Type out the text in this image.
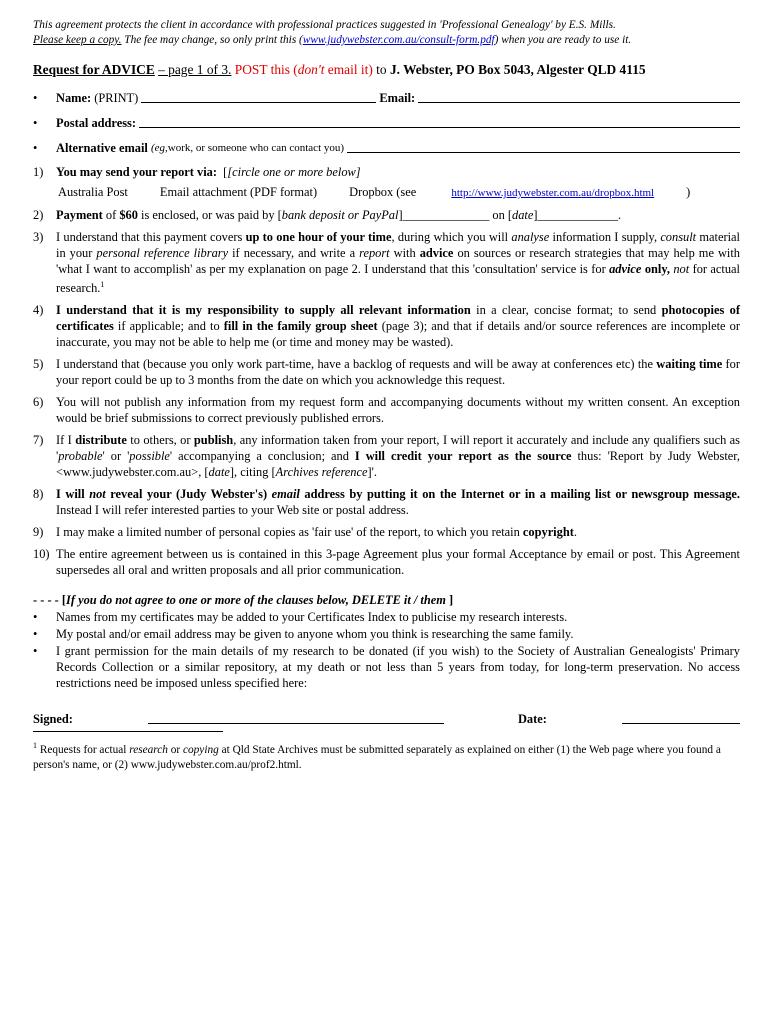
This agreement protects the client in accordance with professional practices suggested in 'Professional Genealogy' by E.S. Mills.
Please keep a copy. The fee may change, so only print this (www.judywebster.com.au/consult-form.pdf) when you are ready to use it.
Request for ADVICE – page 1 of 3. POST this (don't email it) to J. Webster, PO Box 5043, Algester QLD 4115
•	Name:
(PRINT)
	Email:
•	Postal address:
•	Alternative email
(eg, work, or someone who can contact you)
1)	You may send your report via: [[circle one or more below]
Australia Post	Email attachment (PDF format)	Dropbox (see	http://www.judywebster.com.au/dropbox.html	)
2)	Payment of $60 is enclosed, or was paid by [bank deposit or PayPal]______________ on [date]_____________.
3)	I understand that this payment covers up to one hour of your time, during which you will analyse information I supply, consult material in your personal reference library if necessary, and write a report with advice on sources or research strategies that may help me with 'what I want to accomplish' as per my explanation on page 2. I understand that this 'consultation' service is for advice only, not for actual research.$^1$
4)	I understand that it is my responsibility to supply all relevant information in a clear, concise format; to send photocopies of certificates if applicable; and to fill in the family group sheet (page 3); and that if details and/or source references are incomplete or inaccurate, you may not be able to help me (or time and money may be wasted).
5)	I understand that (because you only work part-time, have a backlog of requests and will be away at conferences etc) the waiting time for your report could be up to 3 months from the date on which you acknowledge this request.
6)	You will not publish any information from my request form and accompanying documents without my written consent. An exception would be brief submissions to correct previously published errors.
7)	If I distribute to others, or publish, any information taken from your report, I will report it accurately and include any qualifiers such as 'probable' or 'possible' accompanying a conclusion; and I will credit your report as the source thus: 'Report by Judy Webster, <www.judywebster.com.au>, [date], citing [Archives reference]'.
8)	I will not reveal your (Judy Webster's) email address by putting it on the Internet or in a mailing list or newsgroup message. Instead I will refer interested parties to your Web site or postal address.
9)	I may make a limited number of personal copies as 'fair use' of the report, to which you retain copyright.
10) The entire agreement between us is contained in this 3-page Agreement plus your formal Acceptance by email or post. This Agreement supersedes all oral and written proposals and all prior communication.
- - - - [If you do not agree to one or more of the clauses below, DELETE it / them ]
•	Names from my certificates may be added to your Certificates Index to publicise my research interests.
•	My postal and/or email address may be given to anyone whom you think is researching the same family.
•	I grant permission for the main details of my research to be donated (if you wish) to the Society of Australian Genealogists' Primary Records Collection or a similar repository, at my death or not less than 5 years from today, for long-term preservation. No access restrictions need be imposed unless specified here:
Signed:	Date:
$^1$ Requests for actual research or copying at Qld State Archives must be submitted separately as explained on either (1) the Web page where you found a person's name, or (2) www.judywebster.com.au/prof2.html.
